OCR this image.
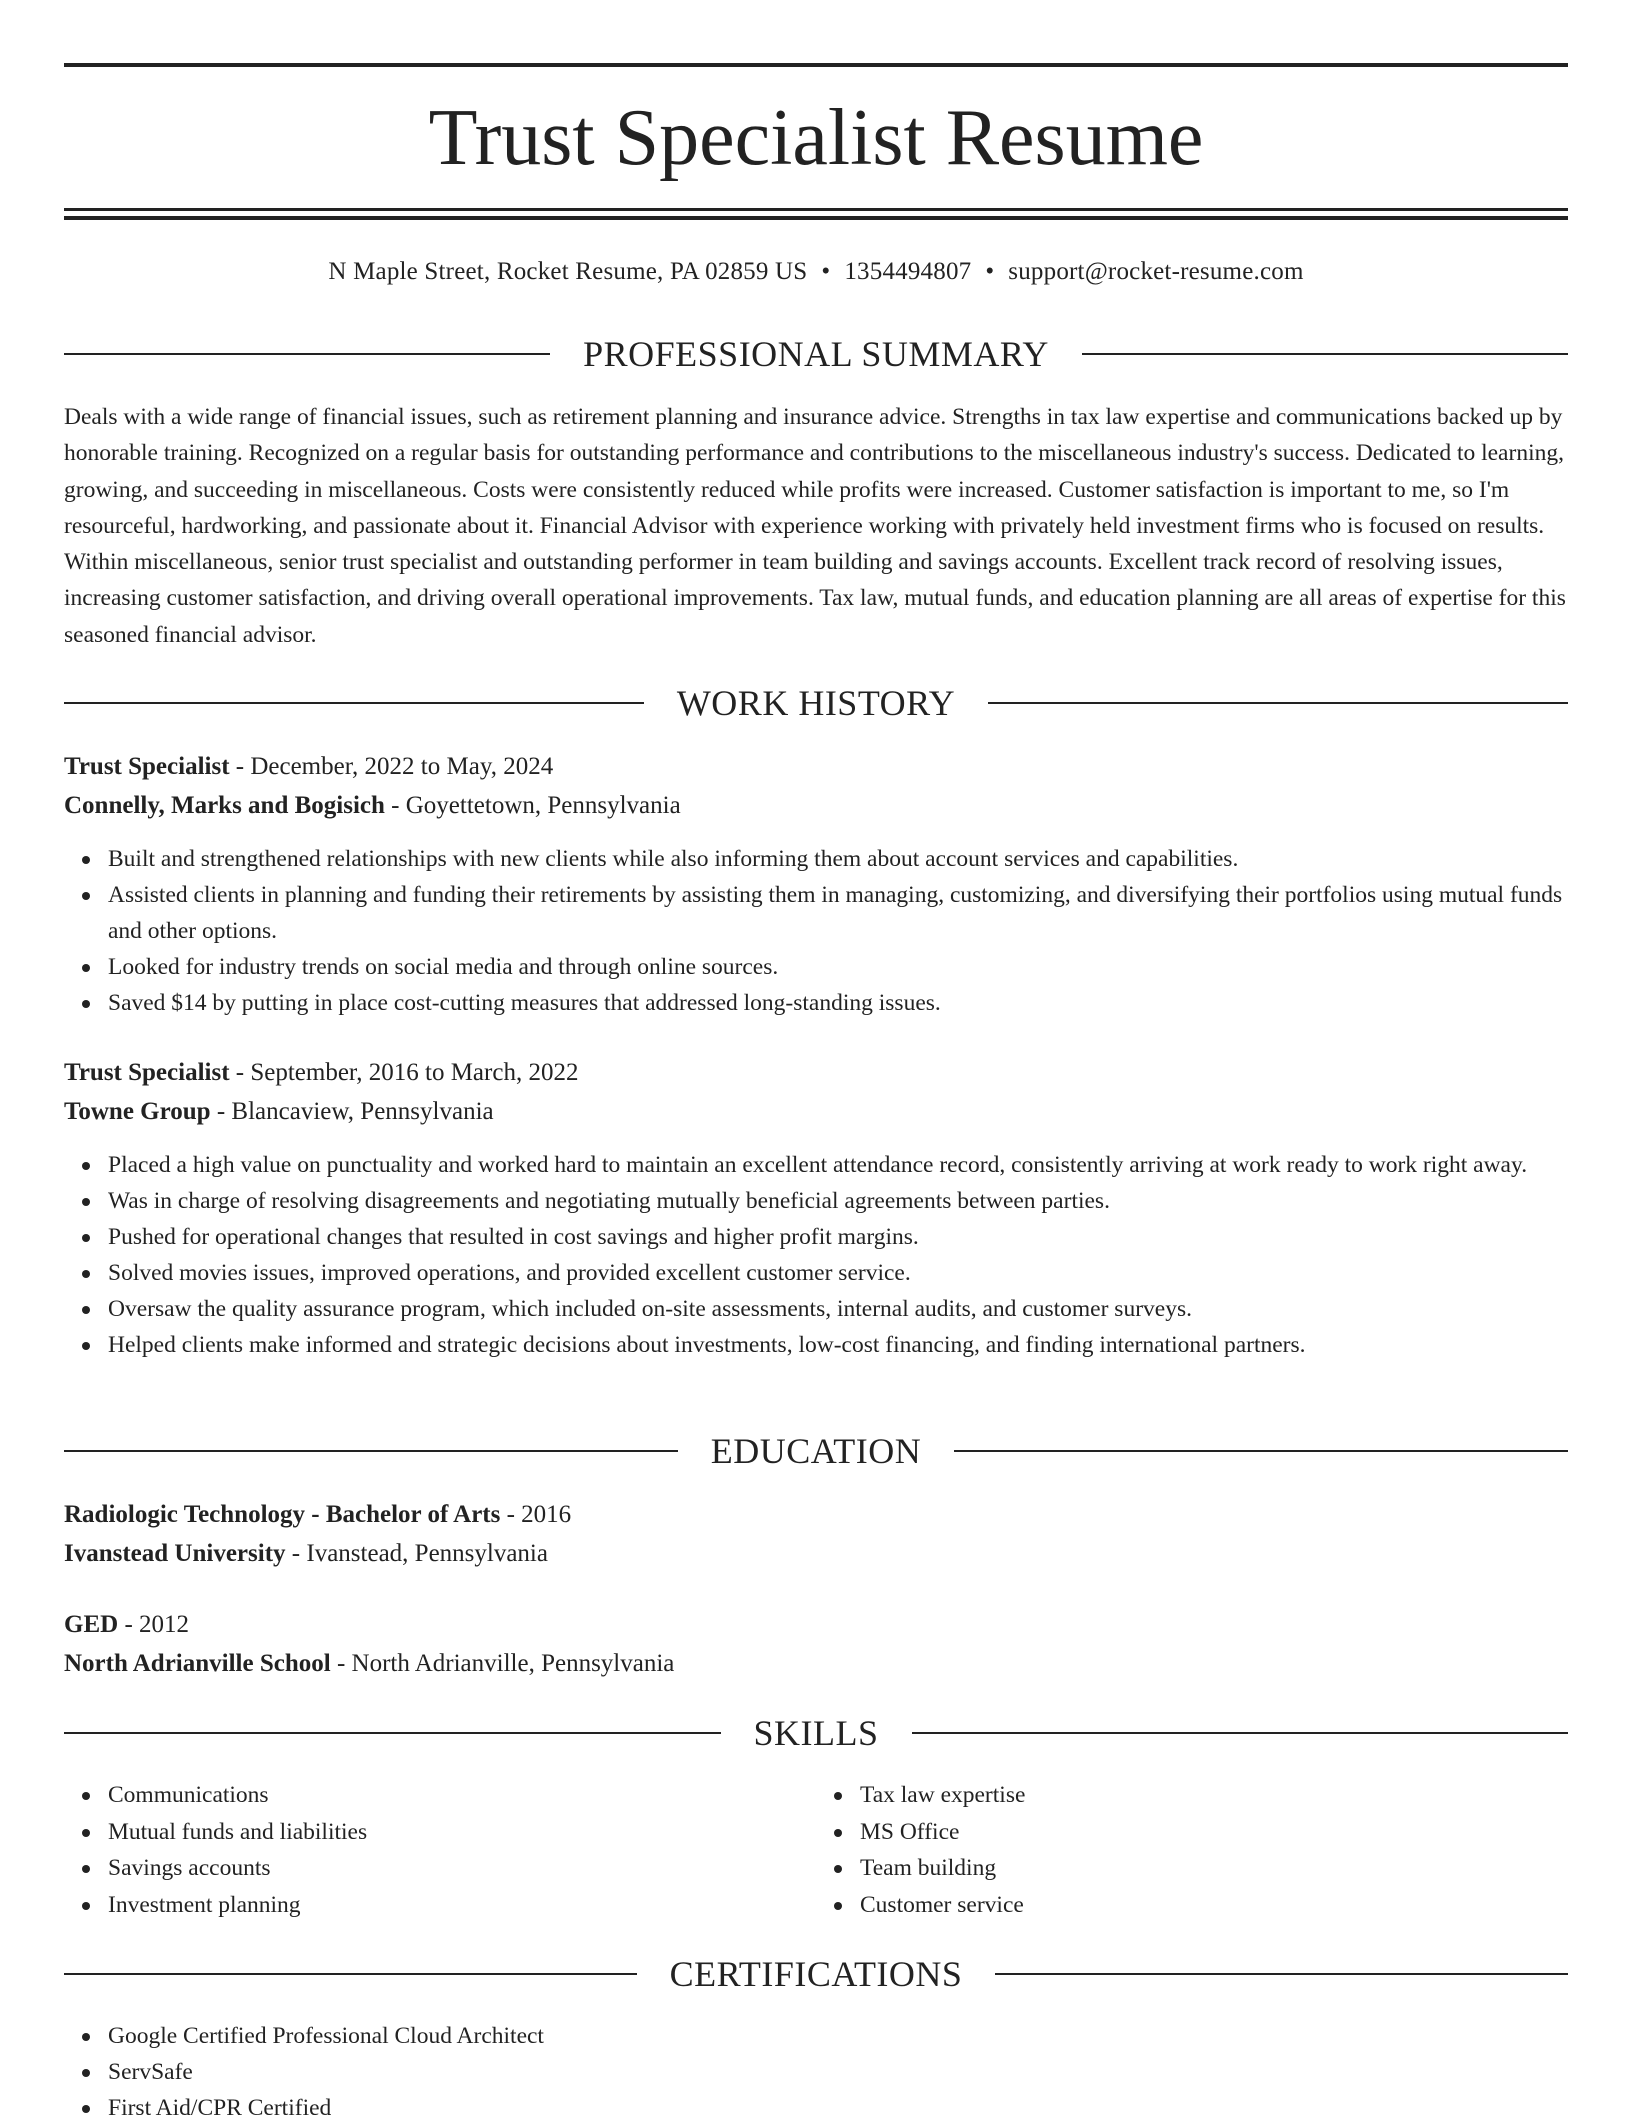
Trust Specialist Resume
N Maple Street, Rocket Resume, PA 02859 US • 1354494807 • support@rocket-resume.com
PROFESSIONAL SUMMARY

Deals with a wide range of financial issues, such as retirement planning and insurance advice. Strengths in tax law expertise and communications backed up by honorable training. Recognized on a regular basis for outstanding performance and contributions to the miscellaneous industry's success. Dedicated to learning, growing, and succeeding in miscellaneous. Costs were consistently reduced while profits were increased. Customer satisfaction is important to me, so I'm resourceful, hardworking, and passionate about it. Financial Advisor with experience working with privately held investment firms who is focused on results. Within miscellaneous, senior trust specialist and outstanding performer in team building and savings accounts. Excellent track record of resolving issues, increasing customer satisfaction, and driving overall operational improvements. Tax law, mutual funds, and education planning are all areas of expertise for this seasoned financial advisor.

WORK HISTORY

Trust Specialist - December, 2022 to May, 2024

Connelly, Marks and Bogisich - Goyettetown, Pennsylvania

Built and strengthened relationships with new clients while also informing them about account services and capabilities.
Assisted clients in planning and funding their retirements by assisting them in managing, customizing, and diversifying their portfolios using mutual funds and other options.
Looked for industry trends on social media and through online sources.
Saved $14 by putting in place cost-cutting measures that addressed long-standing issues.

Trust Specialist - September, 2016 to March, 2022

Towne Group - Blancaview, Pennsylvania

Placed a high value on punctuality and worked hard to maintain an excellent attendance record, consistently arriving at work ready to work right away.
Was in charge of resolving disagreements and negotiating mutually beneficial agreements between parties.
Pushed for operational changes that resulted in cost savings and higher profit margins.
Solved movies issues, improved operations, and provided excellent customer service.
Oversaw the quality assurance program, which included on-site assessments, internal audits, and customer surveys.
Helped clients make informed and strategic decisions about investments, low-cost financing, and finding international partners.
EDUCATION

Radiologic Technology - Bachelor of Arts - 2016

Ivanstead University - Ivanstead, Pennsylvania

GED - 2012

North Adrianville School - North Adrianville, Pennsylvania

SKILLS
Communications
Mutual funds and liabilities
Savings accounts
Investment planning
Tax law expertise
MS Office
Team building
Customer service
CERTIFICATIONS
Google Certified Professional Cloud Architect
ServSafe
First Aid/CPR Certified
